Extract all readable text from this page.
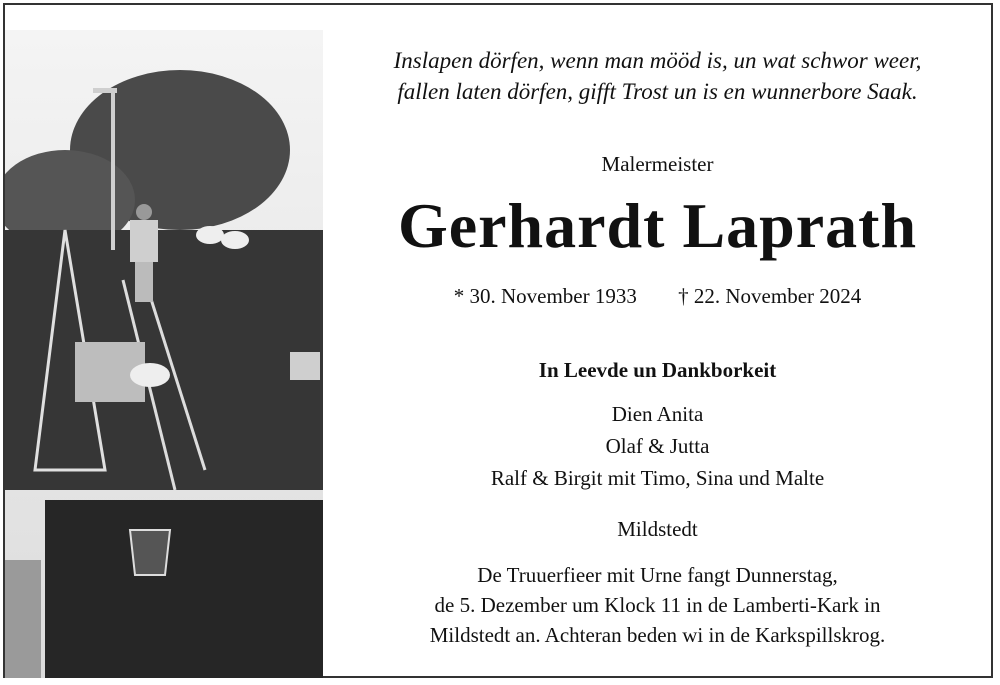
Inslapen dörfen, wenn man mööd is, un wat schwor weer,
fallen laten dörfen, gifft Trost un is en wunnerbore Saak.
Malermeister
Gerhardt Laprath
* 30. November 1933 † 22. November 2024
In Leevde un Dankborkeit
Dien Anita
Olaf & Jutta
Ralf & Birgit mit Timo, Sina und Malte
Mildstedt
De Truuerfieer mit Urne fangt Dunnerstag,
de 5. Dezember um Klock 11 in de Lamberti-Kark in
Mildstedt an. Achteran beden wi in de Karkspillskrog.
